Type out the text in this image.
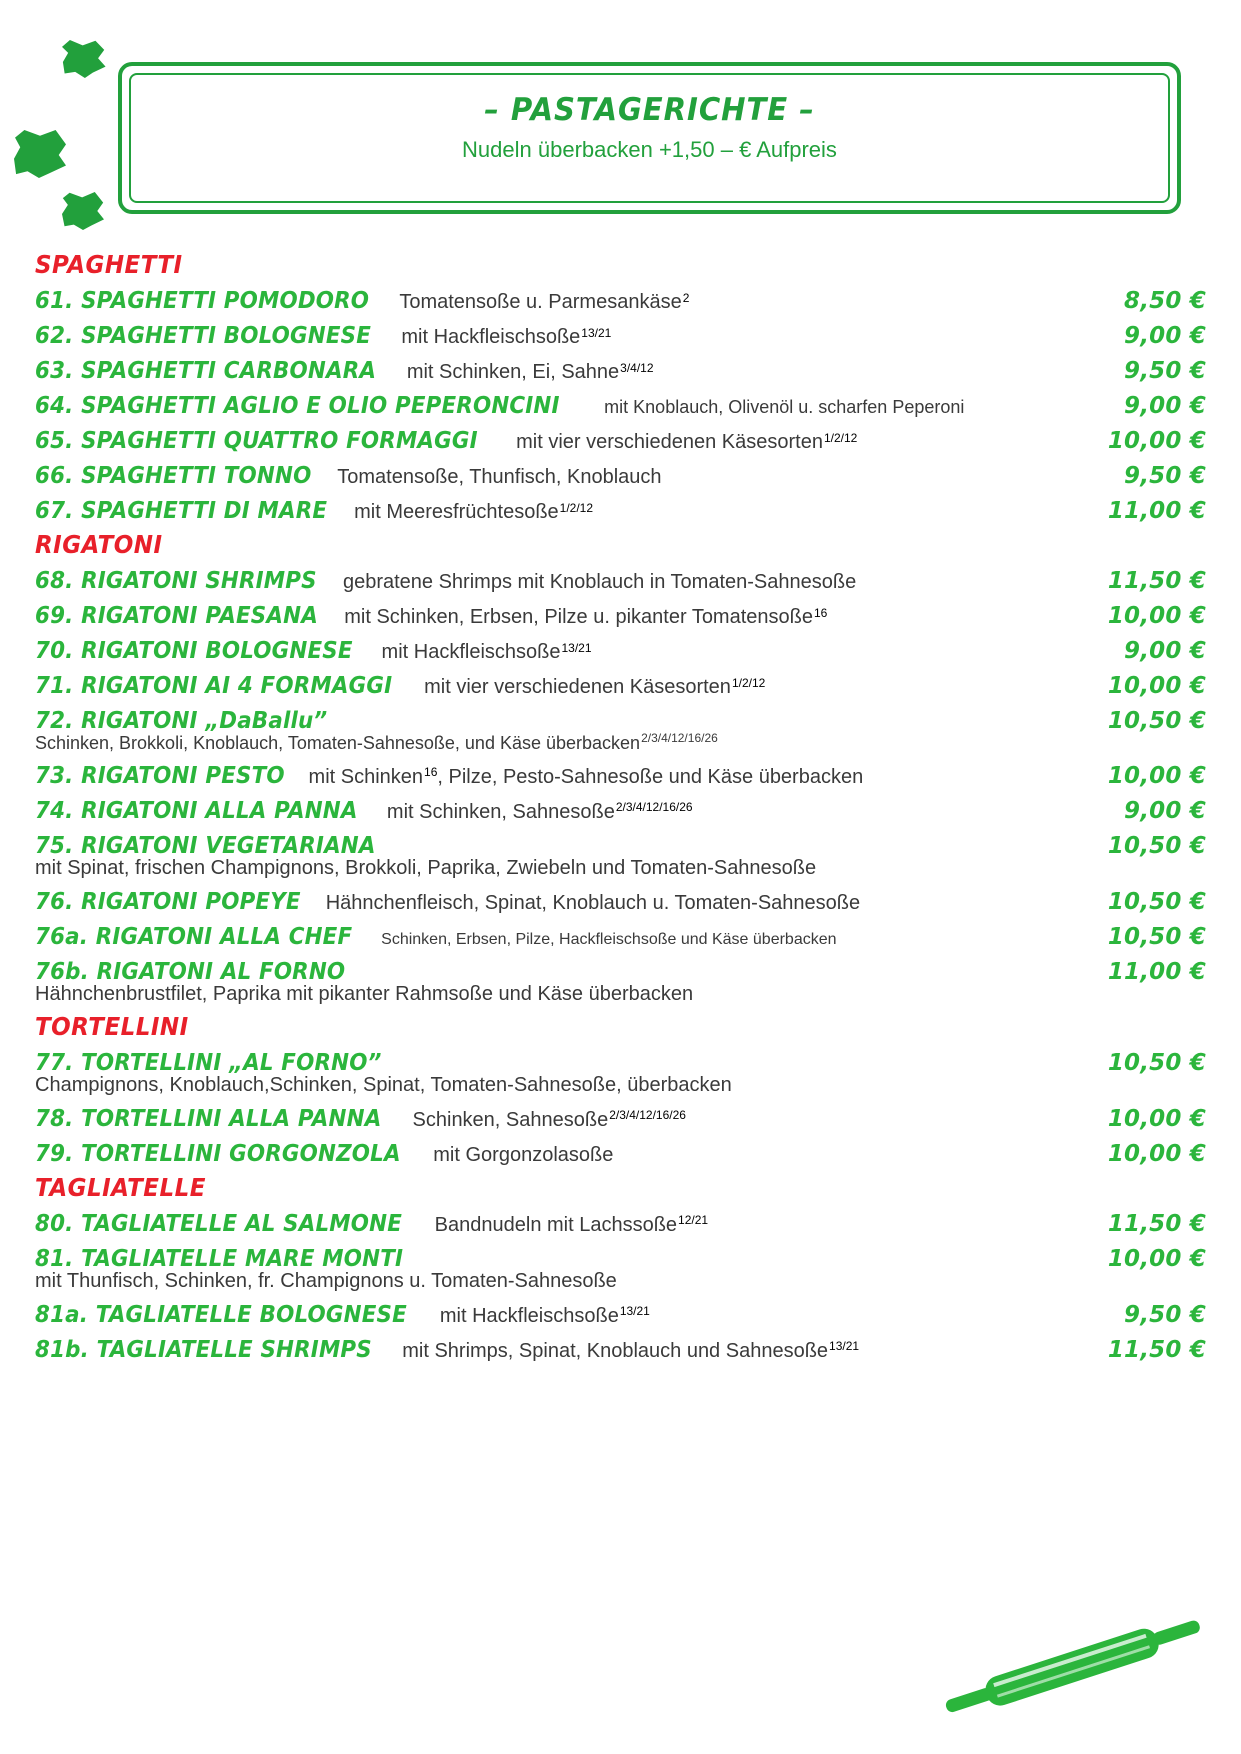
– PASTAGERICHTE –
Nudeln überbacken +1,50 – € Aufpreis
SPAGHETTI
61. SPAGHETTI POMODORO Tomatensoße u. Parmesankäse$^2$	8,50 €
62. SPAGHETTI BOLOGNESE mit Hackfleischsoße$^{13/21}$	9,00 €
63. SPAGHETTI CARBONARA mit Schinken, Ei, Sahne$^{3/4/12}$	9,50 €
64. SPAGHETTI AGLIO E OLIO PEPERONCINI mit Knoblauch, Olivenöl u. scharfen Peperoni	9,00 €
65. SPAGHETTI QUATTRO FORMAGGI mit vier verschiedenen Käsesorten$^{1/2/12}$	10,00 €
66. SPAGHETTI TONNO Tomatensoße, Thunfisch, Knoblauch	9,50 €
67. SPAGHETTI DI MARE mit Meeresfrüchtesoße$^{1/2/12}$	11,00 €
RIGATONI
68. RIGATONI SHRIMPS gebratene Shrimps mit Knoblauch in Tomaten-Sahnesoße	11,50 €
69. RIGATONI PAESANA mit Schinken, Erbsen, Pilze u. pikanter Tomatensoße$^{16}$	10,00 €
70. RIGATONI BOLOGNESE mit Hackfleischsoße$^{13/21}$	9,00 €
71. RIGATONI AI 4 FORMAGGI mit vier verschiedenen Käsesorten$^{1/2/12}$	10,00 €
72. RIGATONI „DaBallu”
Schinken, Brokkoli, Knoblauch, Tomaten-Sahnesoße, und Käse überbacken$^{2/3/4/12/16/26}$
10,50 €
73. RIGATONI PESTO mit Schinken$^{16}$, Pilze, Pesto-Sahnesoße und Käse überbacken	10,00 €
74. RIGATONI ALLA PANNA mit Schinken, Sahnesoße$^{2/3/4/12/16/26}$	9,00 €
75. RIGATONI VEGETARIANA
mit Spinat, frischen Champignons, Brokkoli, Paprika, Zwiebeln und Tomaten-Sahnesoße
10,50 €
76. RIGATONI POPEYE Hähnchenfleisch, Spinat, Knoblauch u. Tomaten-Sahnesoße	10,50 €
76a. RIGATONI ALLA CHEF Schinken, Erbsen, Pilze, Hackfleischsoße und Käse überbacken	10,50 €
76b. RIGATONI AL FORNO
Hähnchenbrustfilet, Paprika mit pikanter Rahmsoße und Käse überbacken
11,00 €
TORTELLINI
77. TORTELLINI „AL FORNO”
Champignons, Knoblauch,Schinken, Spinat, Tomaten-Sahnesoße, überbacken
10,50 €
78. TORTELLINI ALLA PANNA Schinken, Sahnesoße$^{2/3/4/12/16/26}$	10,00 €
79. TORTELLINI GORGONZOLA mit Gorgonzolasoße	10,00 €
TAGLIATELLE
80. TAGLIATELLE AL SALMONE Bandnudeln mit Lachssoße$^{12/21}$	11,50 €
81. TAGLIATELLE MARE MONTI
mit Thunfisch, Schinken, fr. Champignons u. Tomaten-Sahnesoße
10,00 €
81a. TAGLIATELLE BOLOGNESE mit Hackfleischsoße$^{13/21}$	9,50 €
81b. TAGLIATELLE SHRIMPS mit Shrimps, Spinat, Knoblauch und Sahnesoße$^{13/21}$	11,50 €
